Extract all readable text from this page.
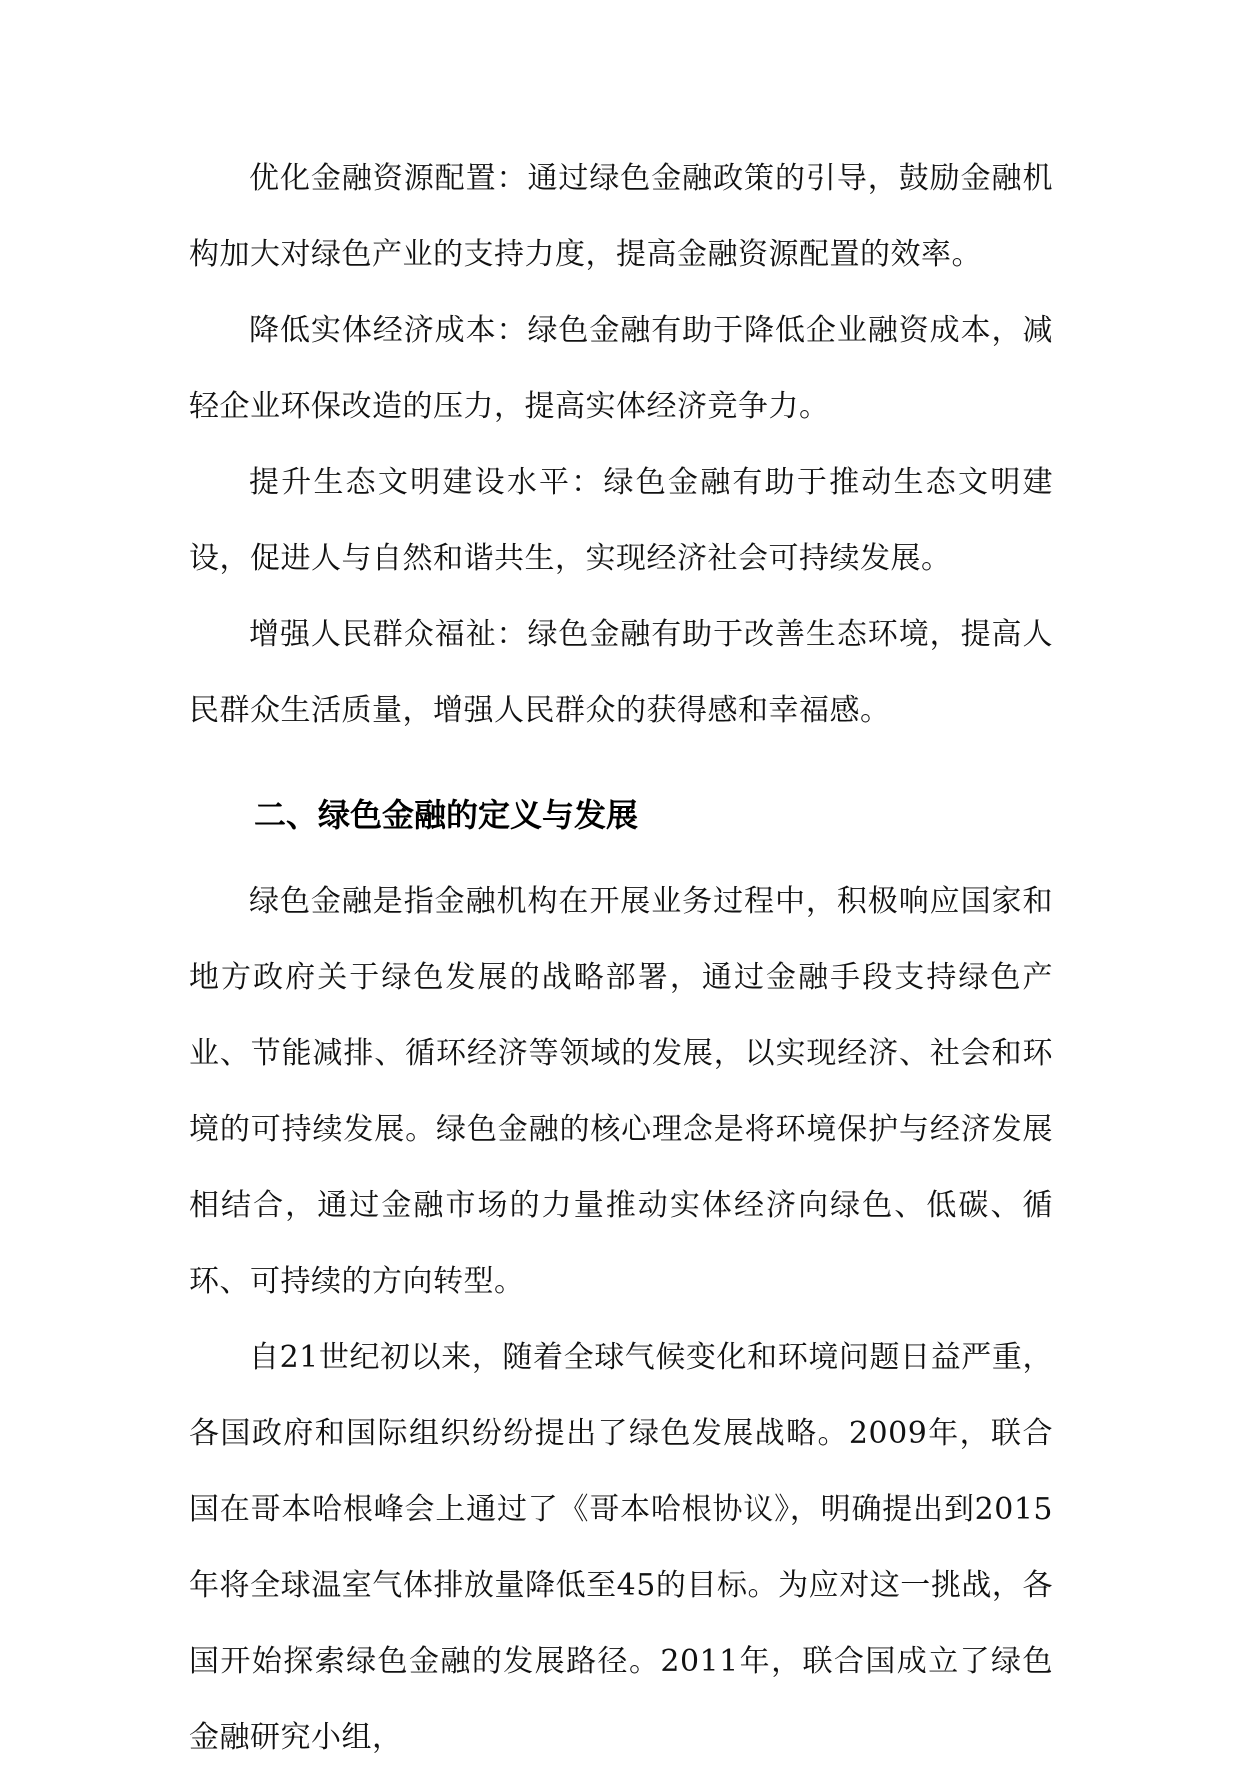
优化金融资源配置：通过绿色金融政策的引导，鼓励金融机构加大对绿色产业的支持力度，提高金融资源配置的效率。

降低实体经济成本：绿色金融有助于降低企业融资成本，减轻企业环保改造的压力，提高实体经济竞争力。

提升生态文明建设水平：绿色金融有助于推动生态文明建设，促进人与自然和谐共生，实现经济社会可持续发展。

增强人民群众福祉：绿色金融有助于改善生态环境，提高人民群众生活质量，增强人民群众的获得感和幸福感。

二、绿色金融的定义与发展

绿色金融是指金融机构在开展业务过程中，积极响应国家和地方政府关于绿色发展的战略部署，通过金融手段支持绿色产业、节能减排、循环经济等领域的发展，以实现经济、社会和环境的可持续发展。绿色金融的核心理念是将环境保护与经济发展相结合，通过金融市场的力量推动实体经济向绿色、低碳、循环、可持续的方向转型。

自21世纪初以来，随着全球气候变化和环境问题日益严重，各国政府和国际组织纷纷提出了绿色发展战略。2009年，联合国在哥本哈根峰会上通过了《哥本哈根协议》，明确提出到2015年将全球温室气体排放量降低至45的目标。为应对这一挑战，各国开始探索绿色金融的发展路径。2011年，联合国成立了绿色金融研究小组，
